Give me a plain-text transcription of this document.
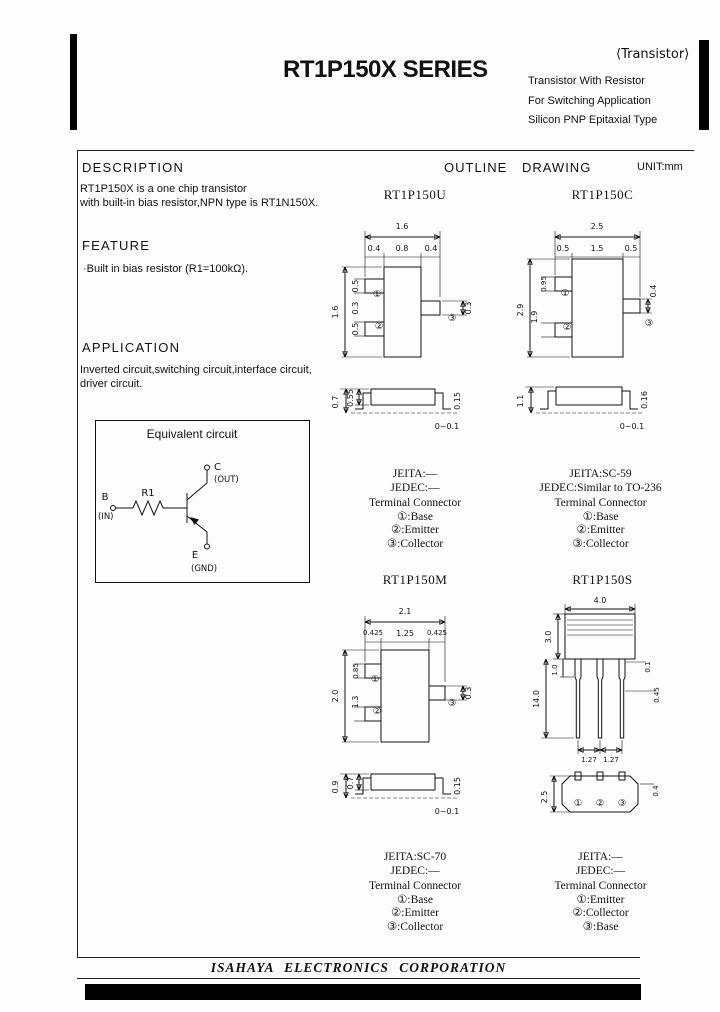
RT1P150X SERIES
⟨Transistor⟩
Transistor With Resistor
For Switching Application
Silicon PNP Epitaxial Type
DESCRIPTION
RT1P150X is a one chip transistor
with built-in bias resistor,NPN type is RT1N150X.
FEATURE
·Built in bias resistor (R1=100kΩ).
APPLICATION
Inverted circuit,switching circuit,interface circuit,
driver circuit.
Equivalent circuit
B
(IN)
R1
C
(OUT)
E
(GND)
OUTLINE DRAWING	UNIT:mm
RT1P150U	RT1P150C
1.6
0.4 0.8 0.4
1.6
0.5
0.3
0.5
0.3
①
②
③
0.7 0.55	0.15
0~0.1
2.5
0.5	1.5	0.5
2.9
0.95
1.9
0.4
①
②	③
1.1	0.16
0~0.1
JEITA:—
JEDEC:—
Terminal Connector
①:Base
②:Emitter
③:Collector
JEITA:SC-59
JEDEC:Similar to TO-236
Terminal Connector
①:Base
②:Emitter
③:Collector
RT1P150M	RT1P150S
2.1
0.425 1.25 0.425
2.0
0.85
1.3
0.3
①
②
③
0.9 0.7	0.15
0~0.1
4.0
3.0
1.0
14.0
0.1
0.45
1.27 1.27
① ② ③
2.5	0.4
JEITA:SC-70
JEDEC:—
Terminal Connector
①:Base
②:Emitter
③:Collector
JEITA:—
JEDEC:—
Terminal Connector
①:Emitter
②:Collector
③:Base
ISAHAYA ELECTRONICS CORPORATION
